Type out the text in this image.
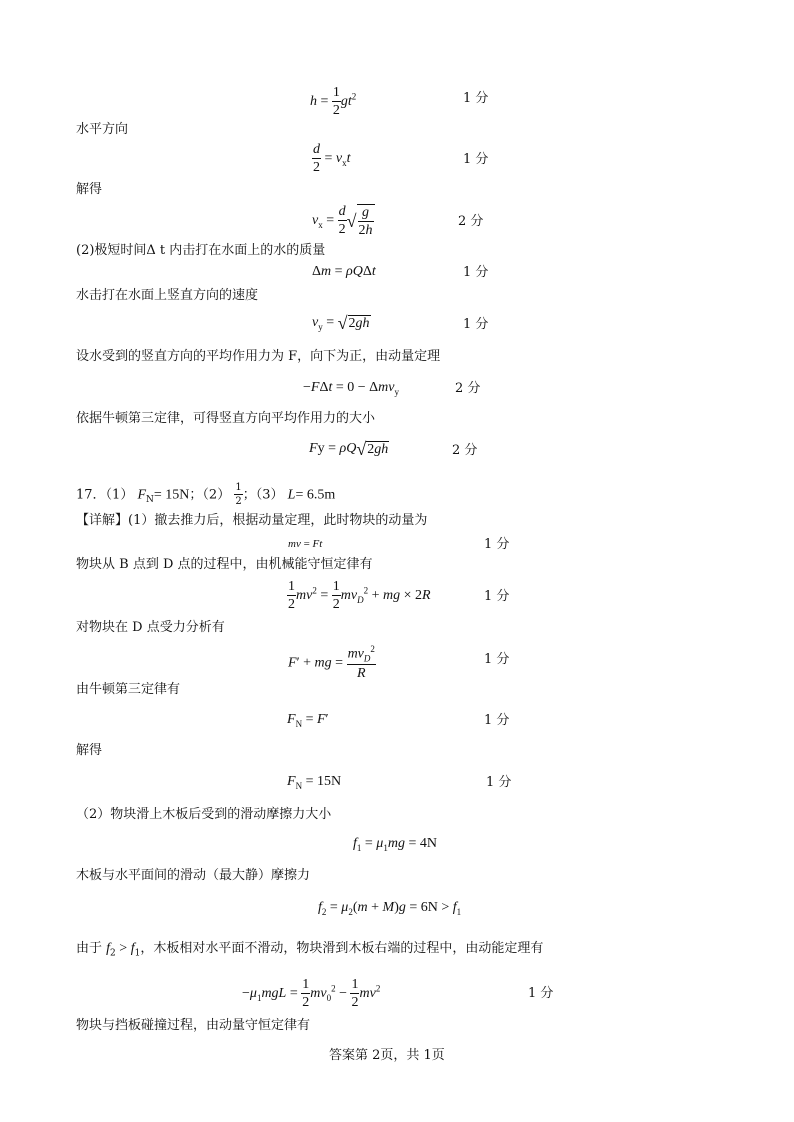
$h = \frac{1}{2} gt^2$	1 分
水平方向
$\frac{d}{2} = v_xt$	1 分
解得
$v_x = \frac{d}{2}$ √ $\frac{g}{2h}$	2 分
(2)极短时间Δ t 内击打在水面上的水的质量
Δm = ρQΔt	1 分
水击打在水面上竖直方向的速度
$v_y = √2gh$	1 分
设水受到的竖直方向的平均作用力为 F，向下为正，由动量定理
−FΔt = 0 − Δmv$_y$	2 分
依据牛顿第三定律，可得竖直方向平均作用力的大小
Fy = ρQ√2gh	2 分
17．（1） $F_N= 15N$；$(2) \frac{1}{2}$ ；（3） L= 6.5m
【详解】(1）撤去推力后，根据动量定理，此时物块的动量为
mv = Ft	1 分
物块从 B 点到 D 点的过程中，由机械能守恒定律有
$\frac{1}{2} mv^2 = \frac{1}{2} mv_D^2$ + mg × 2R	1 分
对物块在 D 点受力分析有
F′ + mg = $\frac{mv_D^2}{R}$	1 分
由牛顿第三定律有
$F_N = F'$	1 分
解得
$F_N = 15N$	1 分
（2）物块滑上木板后受到的滑动摩擦力大小
$f_1 = \mu_1mg = 4N$
木板与水平面间的滑动（最大静）摩擦力
$f_2 = \mu_2(m + M)g = 6N > f_1$
由于 $f_2 > f_1$，木板相对水平面不滑动，物块滑到木板右端的过程中，由动能定理有
$-\mu_1mgL = \frac{1}{2} mv_0^2 - \frac{1}{2} mv^2$	1 分
物块与挡板碰撞过程，由动量守恒定律有
答案第 2页，共 1页
